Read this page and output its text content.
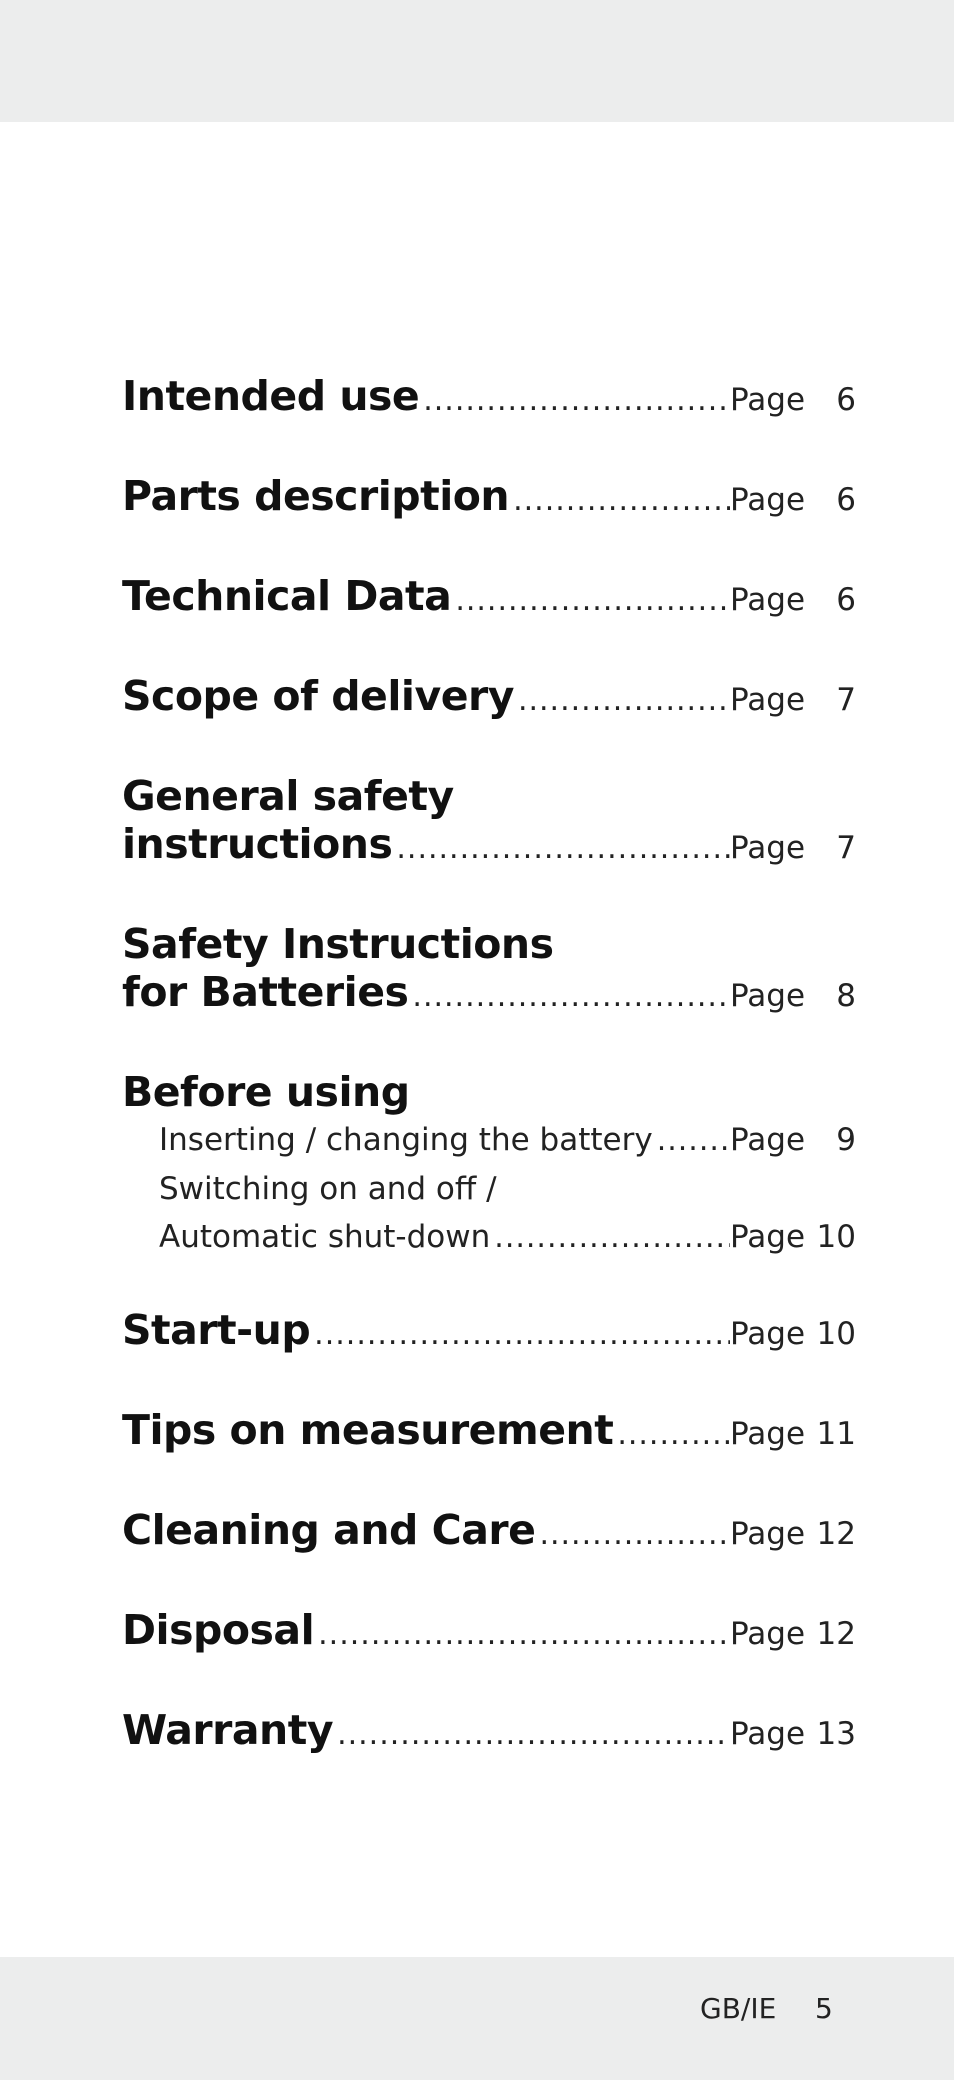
Intended use .....	Page	6
Parts description .....	Page	6
Technical Data .....	Page	6
Scope of delivery .....	Page	7
General safety
instructions .....	Page	7
Safety Instructions
for Batteries .....	Page	8
Before using
Inserting / changing the battery ..... Page	9
Switching on and off /
Automatic shut-down .....	Page 10
Start-up .....	Page 10
Tips on measurement .....	Page 11
Cleaning and Care .....	Page 12
Disposal .....	Page 12
Warranty .....	Page 13
GB/IE 5
